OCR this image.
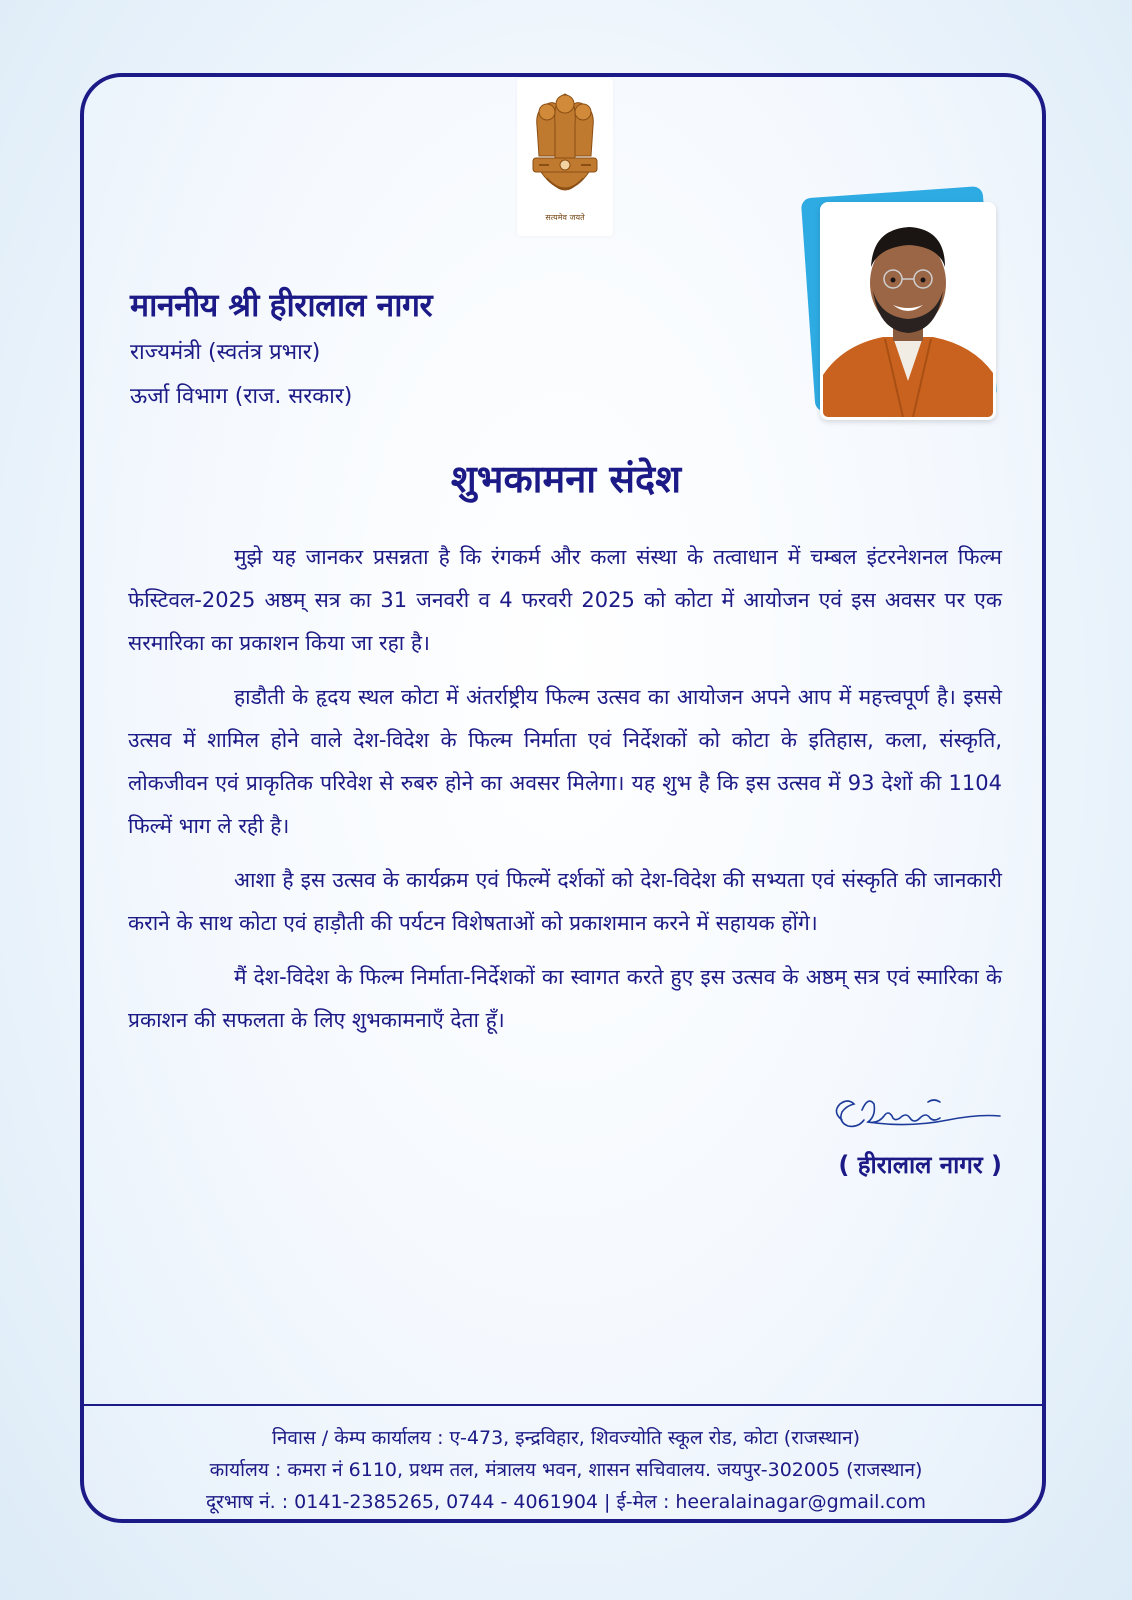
सत्यमेव जयते
माननीय श्री हीरालाल नागर
राज्यमंत्री (स्वतंत्र प्रभार)
ऊर्जा विभाग (राज. सरकार)
शुभकामना संदेश

मुझे यह जानकर प्रसन्नता है कि रंगकर्म और कला संस्था के तत्वाधान में चम्बल इंटरनेशनल फिल्म फेस्टिवल-2025 अष्ठम् सत्र का 31 जनवरी व 4 फरवरी 2025 को कोटा में आयोजन एवं इस अवसर पर एक सरमारिका का प्रकाशन किया जा रहा है।

हाडौती के हृदय स्थल कोटा में अंतर्राष्ट्रीय फिल्म उत्सव का आयोजन अपने आप में महत्त्वपूर्ण है। इससे उत्सव में शामिल होने वाले देश-विदेश के फिल्म निर्माता एवं निर्देशकों को कोटा के इतिहास, कला, संस्कृति, लोकजीवन एवं प्राकृतिक परिवेश से रुबरु होने का अवसर मिलेगा। यह शुभ है कि इस उत्सव में 93 देशों की 1104 फिल्में भाग ले रही है।

आशा है इस उत्सव के कार्यक्रम एवं फिल्में दर्शकों को देश-विदेश की सभ्यता एवं संस्कृति की जानकारी कराने के साथ कोटा एवं हाड़ौती की पर्यटन विशेषताओं को प्रकाशमान करने में सहायक होंगे।

मैं देश-विदेश के फिल्म निर्माता-निर्देशकों का स्वागत करते हुए इस उत्सव के अष्ठम् सत्र एवं स्मारिका के प्रकाशन की सफलता के लिए शुभकामनाएँ देता हूँ।

( हीरालाल नागर )
निवास / केम्प कार्यालय : ए-473, इन्द्रविहार, शिवज्योति स्कूल रोड, कोटा (राजस्थान)
कार्यालय : कमरा नं 6110, प्रथम तल, मंत्रालय भवन, शासन सचिवालय. जयपुर-302005 (राजस्थान)
दूरभाष नं. : 0141-2385265, 0744 - 4061904 | ई-मेल : heeralainagar@gmail.com
